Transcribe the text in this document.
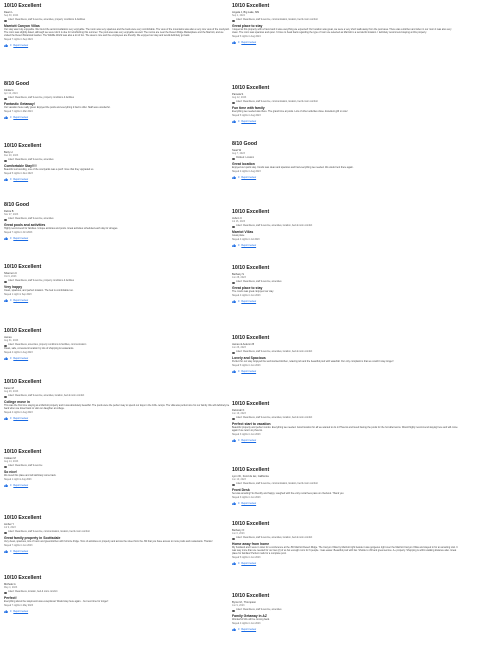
10/10 Excellent
Dawn L
Sep 30, 2024
Liked: Cleanliness, staff & service, amenities, property conditions & facilities
Marriott Canyon Villas
Our stay was truly enjoyable. We found the accommodations very enjoyable. The room was very spacious and the beds were very comfortable. The view of the mountains was also a very nice view of the courtyard. The room was slightly dated, although we were told it is due for refurbishing this summer. The pool area was very enjoyable as well. The rooms are near the Desert Ridge Marketplace and the Marriott, and we visited the Desert Botanical Garden. The Wildlife World was also a lot of fun. The area is nice and the employees are friendly. We enjoyed our stay and would definitely go back.
Stayed 7 nights in Sep 2024
0 Report review
8/10 Good
Cinda G
Apr 12, 2024
Liked: Cleanliness, staff & service, property conditions & facilities
Fantastic Getaway!
Our vacation here really great. Enjoyed the pools and everything it had to offer. Staff were wonderful.
Stayed 7 nights in Mar 2024
0 Report review
10/10 Excellent
Betty H
Dec 20, 2023
Liked: Cleanliness, staff & service, amenities
Comfortable Stay!!!!
Beautiful surrounding, one of the courtyards was a pool! I love that they upgraded us.
Stayed 5 nights in Dec 2023
0 Report review
8/10 Good
Debra B
Nov 27, 2023
Liked: Cleanliness, staff & service, amenities
Great pools and activities
Highly recommend for families. Unique activities and pools. Great activities scheduled each day for all ages.
Stayed 7 nights in Oct 2023
0 Report review
10/10 Excellent
Shannon C
Oct 9, 2023
Liked: Cleanliness, staff & service, property conditions & facilities
Very happy
Clean, spacious, and perfect location. The bed is comfortable too.
Stayed 1 night in Sep 2023
0 Report review
10/10 Excellent
James
Aug 31, 2023
Liked: Cleanliness, amenities, property conditions & facilities, communication
Clean, safe, convenient location by lots of shopping & restaurants.
Stayed 4 nights in Aug 2023
0 Report review
10/10 Excellent
Karen M
Aug 29, 2023
Liked: Cleanliness, staff & service, amenities, location, bed & room comfort
College move in
This was the first time staying at a Marriott property and it was absolutely beautiful. The pools were the perfect way to spend our days in the 100+ temps. The villa was perfect size for our family. We will definitely be back when we travel back to visit our daughter at college.
Stayed 4 nights in Aug 2023
0 Report review
10/10 Excellent
Colleen M
Aug 14, 2023
Liked: Cleanliness, staff & service
So nice!
We loved this place and will definitely come back.
Stayed 1 night in Aug 2023
0 Report review
10/10 Excellent
Amber Y
Jul 9, 2023
Liked: Cleanliness, staff & service, communication, location, bed & room comfort
Great family property in Scottsdale
Very clean, spacious, lots of room and great kitchen with full size fridge. Tons of activities on property and across the street from the JW that you have access to more pools and restaurants. Thanks!
Stayed 7 nights in Jun 2023
0 Report review
10/10 Excellent
Michele G
May 4, 2023
Liked: Cleanliness, location, bed & room comfort
Perfect!
Everything about the stay/resort was exceptional. Would stay here again... but next time for longer!
Stayed 7 nights in May 2023
0 Report review
10/10 Excellent
Angela J, Big Lake, MN
Sep 1, 2024
Liked: Cleanliness, staff & service, communication, location, bed & room comfort
Great place to stay
I stayed at this property with a friend and it was everything we expected! Our location was great, we were a very short walk away from the pool area. There was a kitchen and when in our room it was also very clean. The room was spacious and quiet. I'd love to head back regarding the type of room we selected as Marriott is a wonderful location. I definitely recommend staying at this property.
Stayed 5 nights in Aug 2024
0 Report review
10/10 Excellent
Pamela S
Aug 12, 2023
Liked: Cleanliness, staff & service, communication, location, bed & room comfort
Fun time with family
Everything we needed was there. The grand time at pools. Lots of other activities close. Excellent grill on site!
Stayed 5 nights in Aug 2023
0 Report review
8/10 Good
Steel W
Aug 7, 2023
Disliked: Location
Great location
Enjoyed our quick stay. Condo was clean and spacious and had everything we needed. We would rent there again.
Stayed 2 nights in Aug 2023
0 Report review
10/10 Excellent
JoAnn C
Jul 16, 2023
Liked: Cleanliness, staff & service, amenities, location, bed & room comfort
Marriot Villas
Great place
Stayed 4 nights in Jul 2023
0 Report review
10/10 Excellent
Bethany S
Jun 28, 2023
Liked: Cleanliness, staff & service, amenities
Great place to stay
The condo was great. Enjoyed our stay
Stayed 4 nights in Jun 2023
0 Report review
10/10 Excellent
James & Autumn B
Jun 26, 2023
Liked: Cleanliness, staff & service, amenities, location, bed & room comfort
Lovely and Spacious
Perfect for our stay. Enjoyed the well stocked kitchen, relaxing tub and the beautiful pool with waterfall. Our only complaint is that we couldn't stay longer!
Stayed 5 nights in Jun 2023
0 Report review
10/10 Excellent
Deborah K
Jun 19, 2023
Liked: Cleanliness, staff & service, amenities, location, bed & room comfort
Perfect start to vacation
Beautiful property and perfect condo. Everything we needed. Good location for all we wanted to do in Phoenix and loved having the pools for the hot afternoons. Would highly recommend staying here and will come again if we return to phoenix.
Stayed 3 nights in Jun 2023
0 Report review
10/10 Excellent
Lynn W., Fond du lac, California
Jun 10, 2023
Liked: Cleanliness, staff & service, communication, location, bed & room comfort
Front Desk
Set was amazing! So friendly and happy. Laughed with the entry rental fees pass on checkout. Thank you
Stayed 3 nights in Jun 2023
0 Report review
10/10 Excellent
Bethany O
Jun 6, 2023
Liked: Cleanliness, staff & service, amenities, location, bed & room comfort
Home away from home
My husband and I were in town for a conference at the JW Marriott Desert Ridge. The Canyon Villas by Marriott right beside it was gorgeous right over the Marriott Canyon Villas and stayed in for an amazing visit. It was way more than we needed for our two (2) of us but enough room for 6 people. I was easier. Beautiful pool with bar. Shuttle to JW and great service. A+ property. Shopping is within walking distance also. Great place for families! Perfect mark for a complete pool.
Stayed 5 nights in Jun 2023
0 Report review
10/10 Excellent
Byron M., Thompson
Jun 9, 2023
Liked: Cleanliness, staff & service, amenities
Family Getaway in AZ
Wonderful! We will be coming back.
Stayed 4 nights in Jun 2023
0 Report review
